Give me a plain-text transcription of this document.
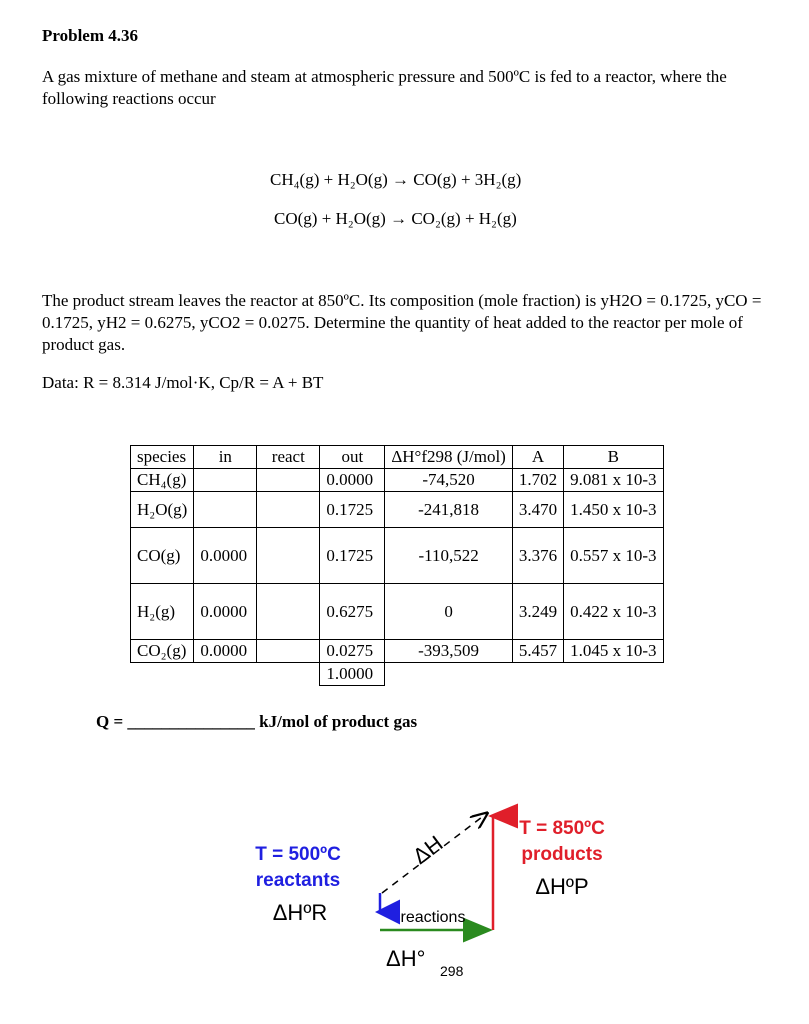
Problem 4.36
A gas mixture of methane and steam at atmospheric pressure and 500ºC is fed to a reactor, where the following reactions occur
CH₄(g) + H₂O(g) → CO(g) + 3H₂(g)
CO(g) + H₂O(g) → CO₂(g) + H₂(g)
The product stream leaves the reactor at 850ºC. Its composition (mole fraction) is yH2O = 0.1725, yCO = 0.1725, yH2 = 0.6275, yCO2 = 0.0275. Determine the quantity of heat added to the reactor per mole of product gas.
Data: R = 8.314 J/mol·K, Cp/R = A + BT
species	in	react	out	ΔH°f298 (J/mol)	A	B
CH₄(g)			0.0000	-74,520	1.702	9.081 x 10-3
H₂O(g)			0.1725	-241,818	3.470	1.450 x 10-3
CO(g)	0.0000		0.1725	-110,522	3.376	0.557 x 10-3
H₂(g)	0.0000		0.6275	0	3.249	0.422 x 10-3
CO₂(g)	0.0000		0.0275	-393,509	5.457	1.045 x 10-3
			1.0000			
Q = _______________ kJ/mol of product gas
T = 500ºC
reactants
ΔHºR
T = 850ºC
products
ΔHºP
ΔH
reactions
ΔH° 298
